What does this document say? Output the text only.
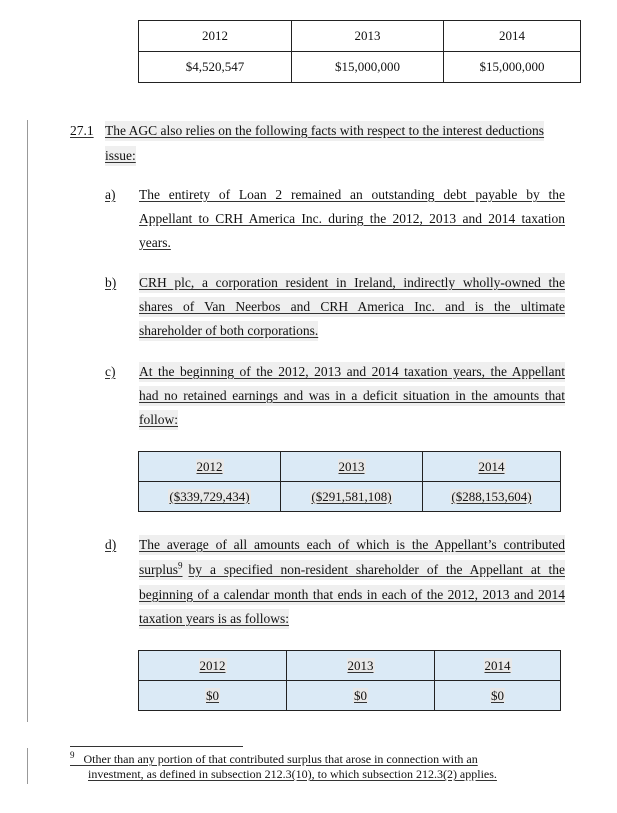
2012	2013	2014
$4,520,547	$15,000,000	$15,000,000
27.1 The AGC also relies on the following facts with respect to the interest deductions
issue:
a) The entirety of Loan 2 remained an outstanding debt payable by the
Appellant to CRH America Inc. during the 2012, 2013 and 2014 taxation
years.
b) CRH plc, a corporation resident in Ireland, indirectly wholly-owned the
shares of Van Neerbos and CRH America Inc. and is the ultimate
shareholder of both corporations.
c) At the beginning of the 2012, 2013 and 2014 taxation years, the Appellant
had no retained earnings and was in a deficit situation in the amounts that
follow:
2012	2013	2014
($339,729,434)	($291,581,108)	($288,153,604)
d) The average of all amounts each of which is the Appellant’s contributed
surplus$^9$ by a specified non-resident shareholder of the Appellant at the
beginning of a calendar month that ends in each of the 2012, 2013 and 2014
taxation years is as follows:
2012	2013	2014
$0	$0	$0
$^9$ Other than any portion of that contributed surplus that arose in connection with an
investment, as defined in subsection 212.3(10), to which subsection 212.3(2) applies.
